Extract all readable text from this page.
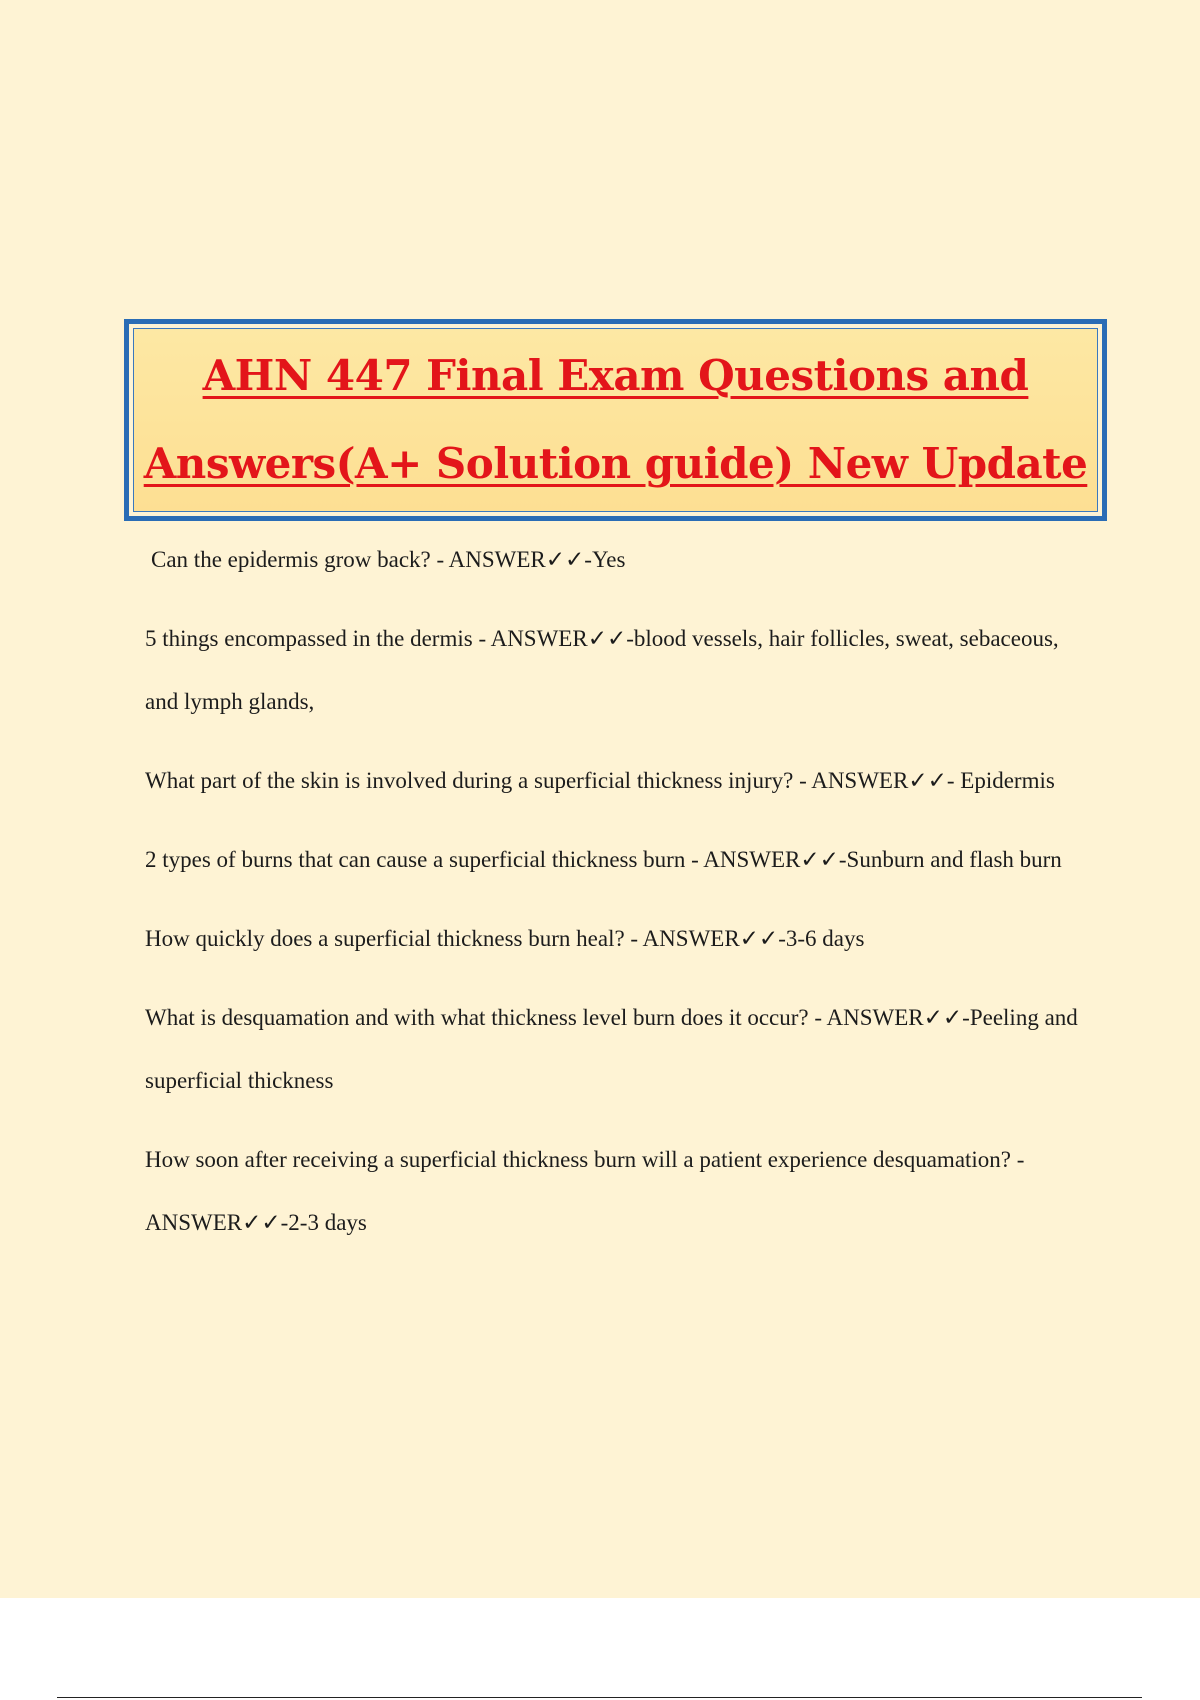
AHN 447 Final Exam Questions and
Answers(A+ Solution guide) New Update
Can the epidermis grow back? - ANSWER✓✓-Yes
5 things encompassed in the dermis - ANSWER✓✓-blood vessels, hair follicles, sweat, sebaceous, and lymph glands,
What part of the skin is involved during a superficial thickness injury? - ANSWER✓✓- Epidermis
2 types of burns that can cause a superficial thickness burn - ANSWER✓✓-Sunburn and flash burn
How quickly does a superficial thickness burn heal? - ANSWER✓✓-3-6 days
What is desquamation and with what thickness level burn does it occur? - ANSWER✓✓-Peeling and superficial thickness
How soon after receiving a superficial thickness burn will a patient experience desquamation? - ANSWER✓✓-2-3 days
